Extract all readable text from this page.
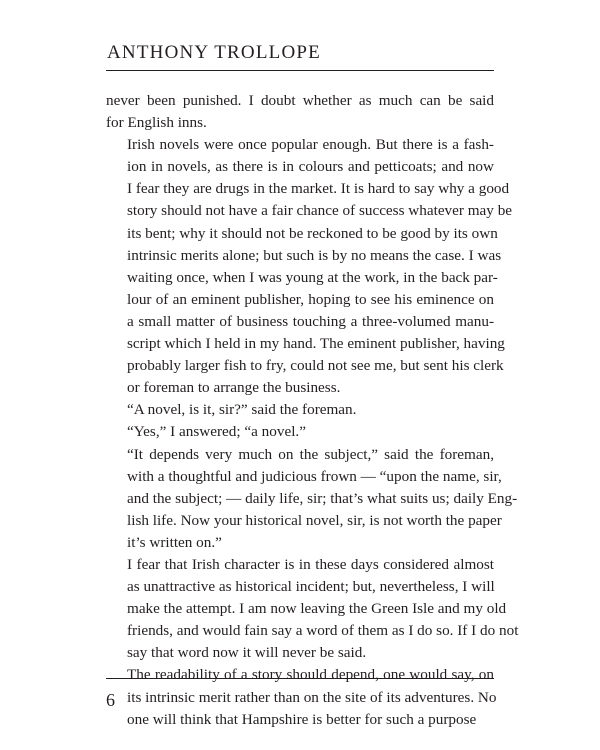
ANTHONY TROLLOPE

never been punished. I doubt whether as much can be said
for English inns.

Irish novels were once popular enough. But there is a fash-
ion in novels, as there is in colours and petticoats; and now
I fear they are drugs in the market. It is hard to say why a good
story should not have a fair chance of success whatever may be
its bent; why it should not be reckoned to be good by its own
intrinsic merits alone; but such is by no means the case. I was
waiting once, when I was young at the work, in the back par-
lour of an eminent publisher, hoping to see his eminence on
a small matter of business touching a three-volumed manu-
script which I held in my hand. The eminent publisher, having
probably larger fish to fry, could not see me, but sent his clerk
or foreman to arrange the business.

“A novel, is it, sir?” said the foreman.

“Yes,” I answered; “a novel.”

“It depends very much on the subject,” said the foreman,
with a thoughtful and judicious frown — “upon the name, sir,
and the subject; — daily life, sir; that’s what suits us; daily Eng-
lish life. Now your historical novel, sir, is not worth the paper
it’s written on.”

I fear that Irish character is in these days considered almost
as unattractive as historical incident; but, nevertheless, I will
make the attempt. I am now leaving the Green Isle and my old
friends, and would fain say a word of them as I do so. If I do not
say that word now it will never be said.

The readability of a story should depend, one would say, on
its intrinsic merit rather than on the site of its adventures. No
one will think that Hampshire is better for such a purpose

6
